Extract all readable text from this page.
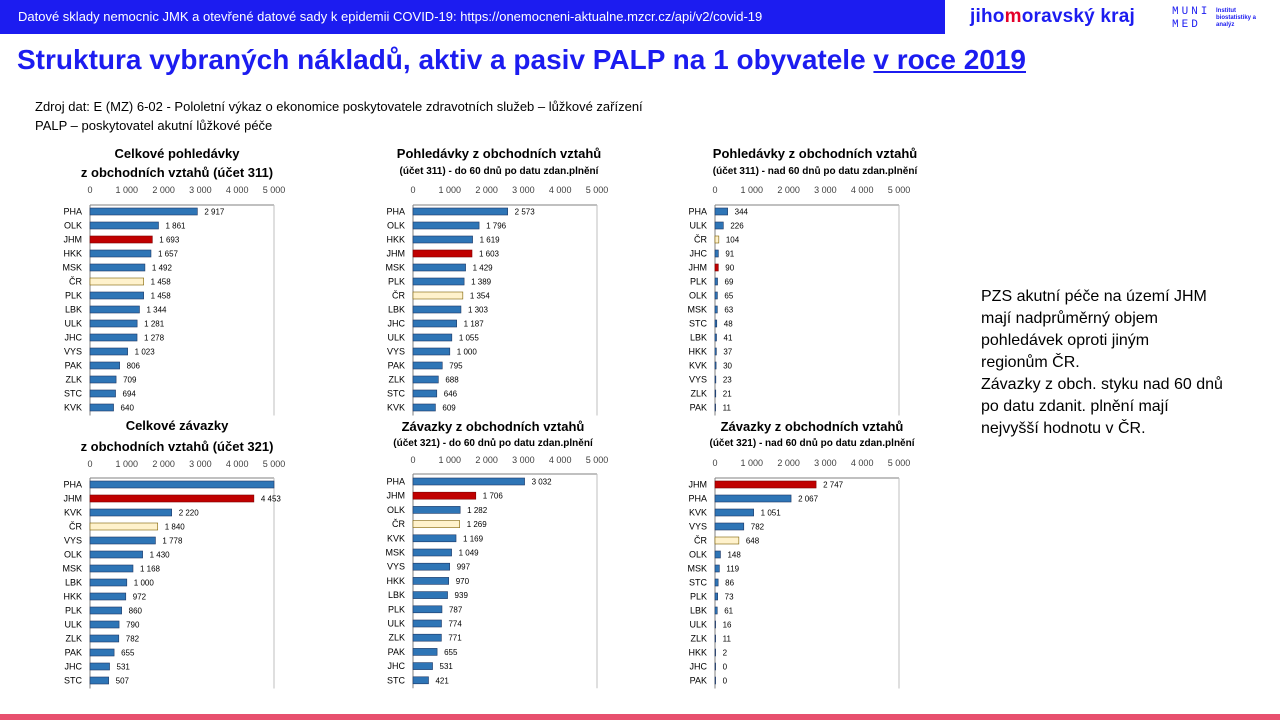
Datové sklady nemocnic JMK a otevřené datové sady k epidemii COVID-19: https://onemocneni-aktualne.mzcr.cz/api/v2/covid-19	jihomoravský kraj	MUNI
MED
Institut biostatistiky a analýz
Struktura vybraných nákladů, aktiv a pasiv PALP na 1 obyvatele v roce 2019
Zdroj dat: E (MZ) 6-02 - Pololetní výkaz o ekonomice poskytovatele zdravotních služeb – lůžkové zařízení
PALP – poskytovatel akutní lůžkové péče
Celkové pohledávky
z obchodních vztahů (účet 311)
0	1 000 2 000 3 000 4 000 5 000
PHA	2 917
OLK	1 861
JHM	1 693
HKK	1 657
MSK	1 492
ČR	1 458
PLK	1 458
LBK	1 344
ULK	1 281
JHC	1 278
VYS	1 023
PAK	806
ZLK	709
STC	694
KVK	640
Pohledávky z obchodních vztahů
(účet 311) - do 60 dnů po datu zdan.plnění
0	1 000 2 000 3 000 4 000 5 000
PHA	2 573
OLK	1 796
HKK	1 619
JHM	1 603
MSK	1 429
PLK	1 389
ČR	1 354
LBK	1 303
JHC	1 187
ULK	1 055
VYS	1 000
PAK	795
ZLK	688
STC	646
KVK	609
Pohledávky z obchodních vztahů
(účet 311) - nad 60 dnů po datu zdan.plnění
0	1 000 2 000 3 000 4 000 5 000
PHA	344
ULK	226
ČR 104
JHC 91
JHM 90
PLK 69
OLK 65
MSK 63
STC 48
LBK 41
HKK 37
KVK 30
VYS 23
ZLK 21
PAK 11
Celkové závazky
z obchodních vztahů (účet 321)
0	1 000 2 000 3 000 4 000 5 000
PHA
JHM	4 453
KVK	2 220
ČR	1 840
VYS	1 778
OLK	1 430
MSK	1 168
LBK	1 000
HKK	972
PLK	860
ULK	790
ZLK	782
PAK	655
JHC	531
STC	507
Závazky z obchodních vztahů
(účet 321) - do 60 dnů po datu zdan.plnění
0	1 000 2 000 3 000 4 000 5 000
PHA	3 032
JHM	1 706
OLK	1 282
ČR	1 269
KVK	1 169
MSK	1 049
VYS	997
HKK	970
LBK	939
PLK	787
ULK	774
ZLK	771
PAK	655
JHC	531
STC	421
Závazky z obchodních vztahů
(účet 321) - nad 60 dnů po datu zdan.plnění
0	1 000 2 000 3 000 4 000 5 000
JHM	2 747
PHA	2 067
KVK	1 051
VYS	782
ČR	648
OLK	148
MSK 119
STC 86
PLK 73
LBK 61
ULK 16
ZLK 11
HKK 2
JHC 0
PAK 0
PZS akutní péče na území JHM
mají nadprůměrný objem
pohledávek oproti jiným
regionům ČR.
Závazky z obch. styku nad 60 dnů
po datu zdanit. plnění mají
nejvyšší hodnotu v ČR.
